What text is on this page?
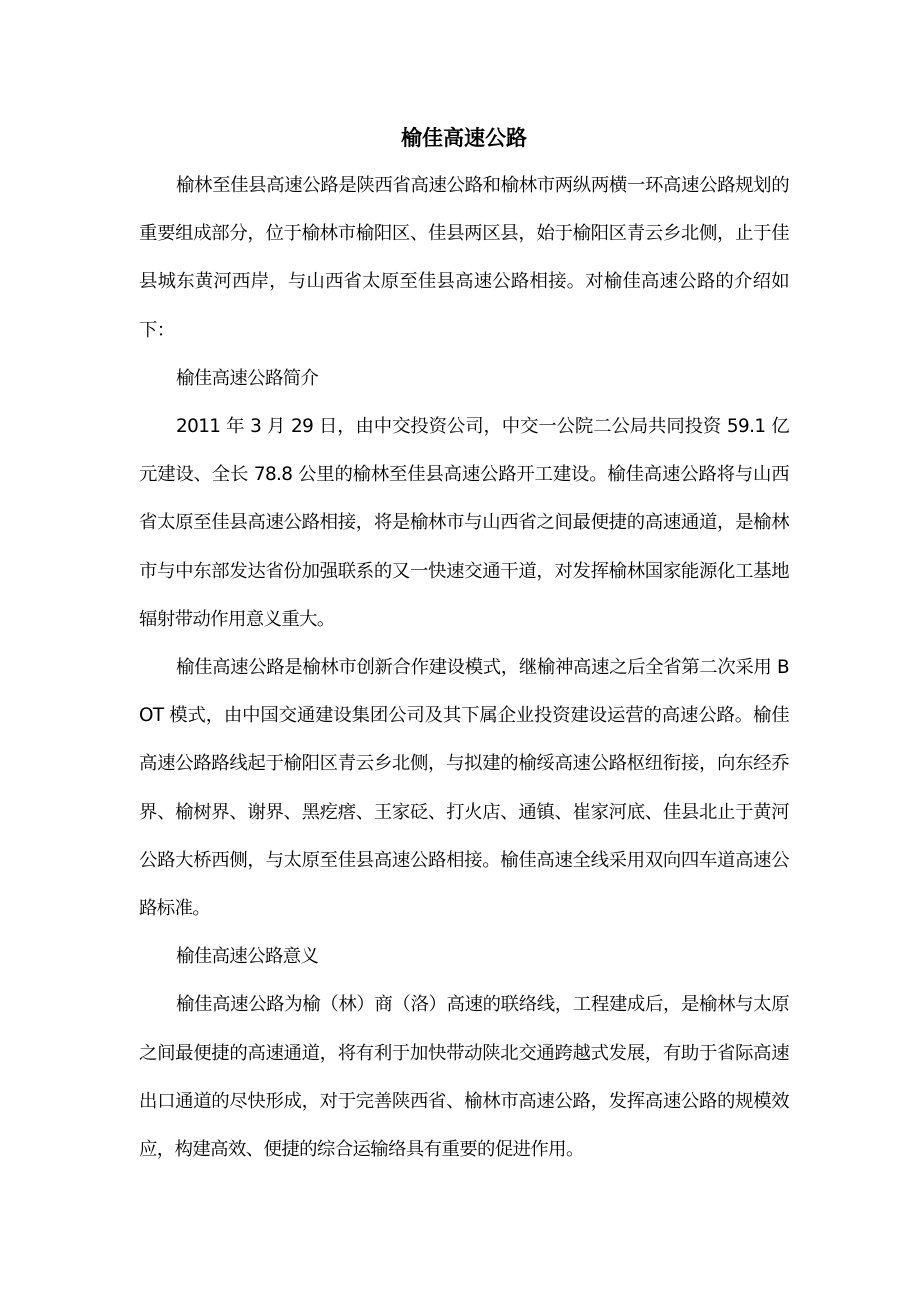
榆佳高速公路

榆林至佳县高速公路是陕西省高速公路和榆林市两纵两横一环高速公路规划的重要组成部分，位于榆林市榆阳区、佳县两区县，始于榆阳区青云乡北侧，止于佳县城东黄河西岸，与山西省太原至佳县高速公路相接。对榆佳高速公路的介绍如下：

榆佳高速公路简介

2011 年 3 月 29 日，由中交投资公司，中交一公院二公局共同投资 59.1 亿元建设、全长 78.8 公里的榆林至佳县高速公路开工建设。榆佳高速公路将与山西省太原至佳县高速公路相接，将是榆林市与山西省之间最便捷的高速通道，是榆林市与中东部发达省份加强联系的又一快速交通干道，对发挥榆林国家能源化工基地辐射带动作用意义重大。

榆佳高速公路是榆林市创新合作建设模式，继榆神高速之后全省第二次采用 BOT 模式，由中国交通建设集团公司及其下属企业投资建设运营的高速公路。榆佳高速公路路线起于榆阳区青云乡北侧，与拟建的榆绥高速公路枢纽衔接，向东经乔界、榆树界、谢界、黑疙瘩、王家砭、打火店、通镇、崔家河底、佳县北止于黄河公路大桥西侧，与太原至佳县高速公路相接。榆佳高速全线采用双向四车道高速公路标准。

榆佳高速公路意义

榆佳高速公路为榆（林）商（洛）高速的联络线，工程建成后，是榆林与太原之间最便捷的高速通道，将有利于加快带动陕北交通跨越式发展，有助于省际高速出口通道的尽快形成，对于完善陕西省、榆林市高速公路，发挥高速公路的规模效应，构建高效、便捷的综合运输络具有重要的促进作用。
